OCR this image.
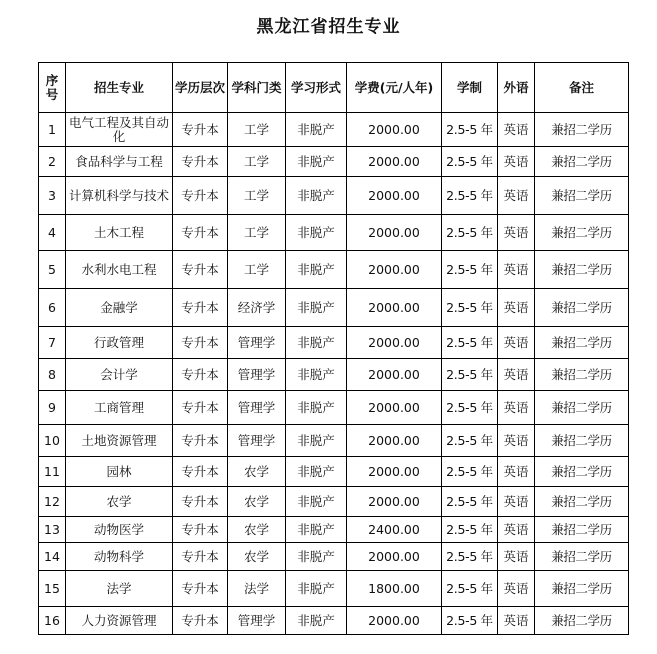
黑龙江省招生专业
序号	招生专业	学历层次	学科门类	学习形式	学费(元/人年)	学制	外语	备注
1	电气工程及其自动化	专升本	工学	非脱产	2000.00	2.5-5 年	英语	兼招二学历
2	食品科学与工程	专升本	工学	非脱产	2000.00	2.5-5 年	英语	兼招二学历
3	计算机科学与技术	专升本	工学	非脱产	2000.00	2.5-5 年	英语	兼招二学历
4	土木工程	专升本	工学	非脱产	2000.00	2.5-5 年	英语	兼招二学历
5	水利水电工程	专升本	工学	非脱产	2000.00	2.5-5 年	英语	兼招二学历
6	金融学	专升本	经济学	非脱产	2000.00	2.5-5 年	英语	兼招二学历
7	行政管理	专升本	管理学	非脱产	2000.00	2.5-5 年	英语	兼招二学历
8	会计学	专升本	管理学	非脱产	2000.00	2.5-5 年	英语	兼招二学历
9	工商管理	专升本	管理学	非脱产	2000.00	2.5-5 年	英语	兼招二学历
10	土地资源管理	专升本	管理学	非脱产	2000.00	2.5-5 年	英语	兼招二学历
11	园林	专升本	农学	非脱产	2000.00	2.5-5 年	英语	兼招二学历
12	农学	专升本	农学	非脱产	2000.00	2.5-5 年	英语	兼招二学历
13	动物医学	专升本	农学	非脱产	2400.00	2.5-5 年	英语	兼招二学历
14	动物科学	专升本	农学	非脱产	2000.00	2.5-5 年	英语	兼招二学历
15	法学	专升本	法学	非脱产	1800.00	2.5-5 年	英语	兼招二学历
16	人力资源管理	专升本	管理学	非脱产	2000.00	2.5-5 年	英语	兼招二学历
